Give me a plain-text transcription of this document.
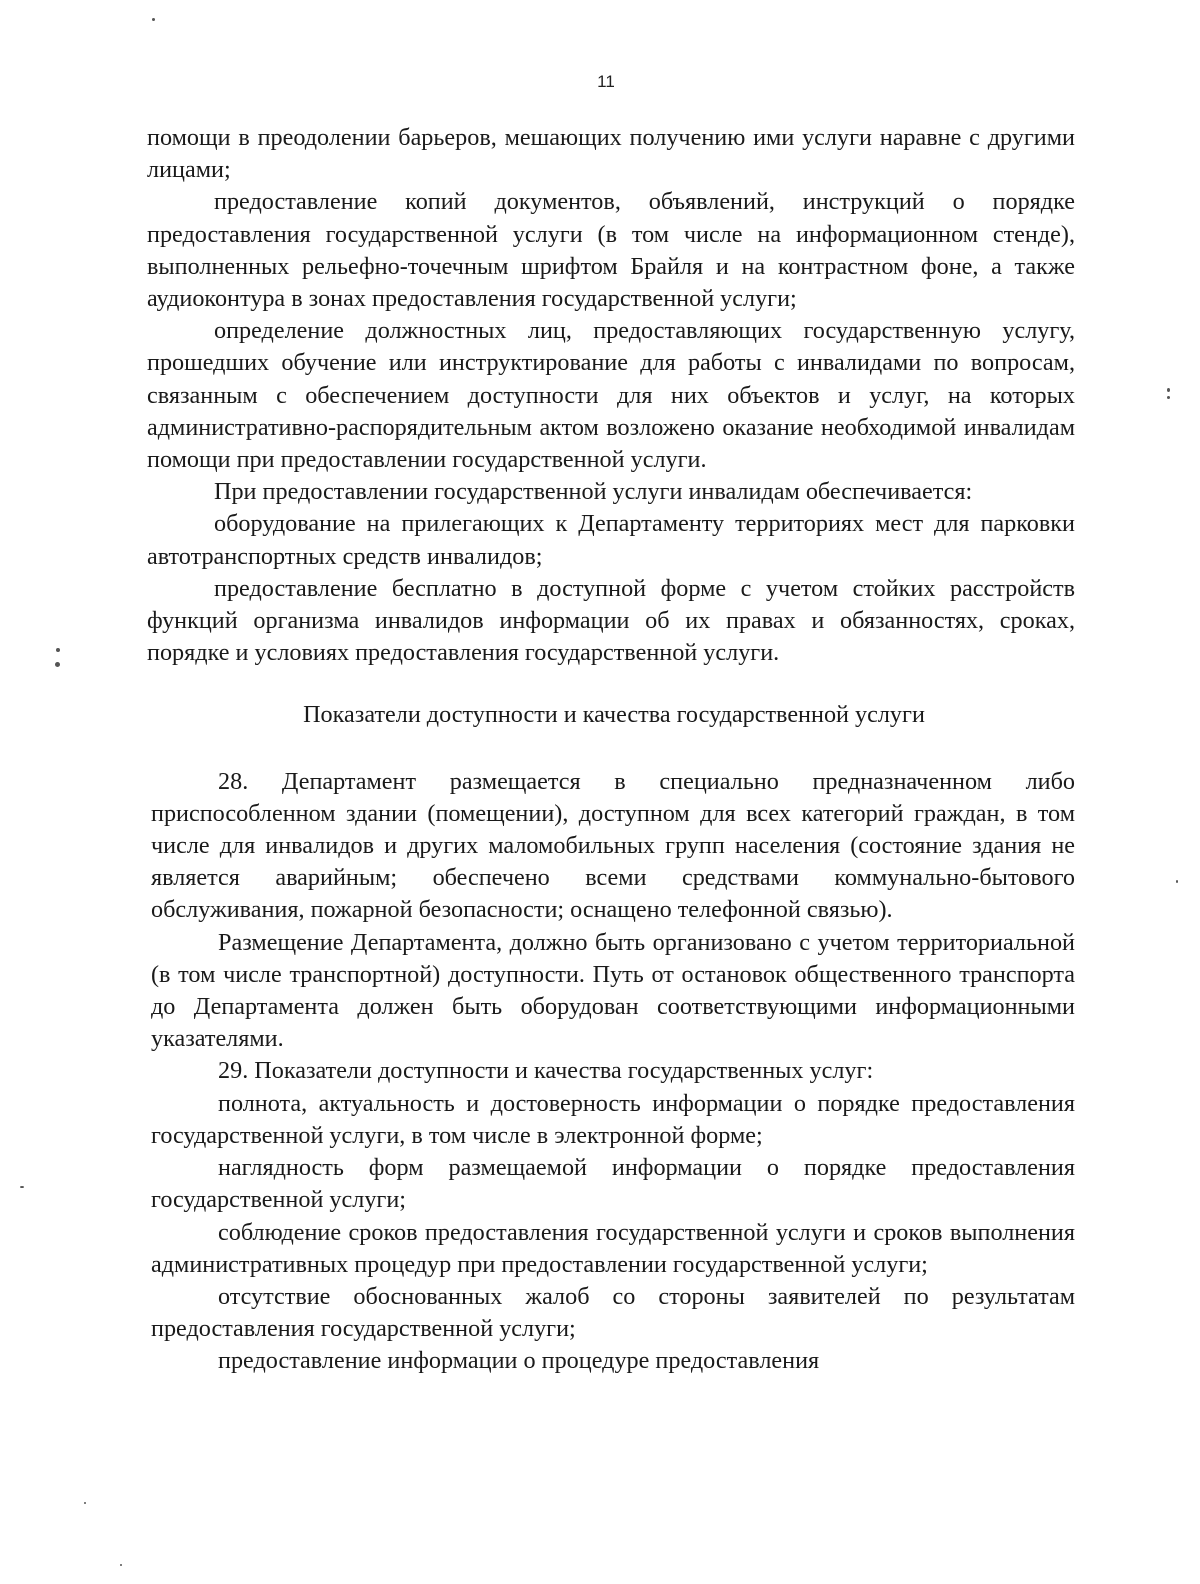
11

помощи в преодолении барьеров, мешающих получению ими услуги наравне с другими лицами;

предоставление копий документов, объявлений, инструкций о порядке предоставления государственной услуги (в том числе на информационном стенде), выполненных рельефно-точечным шрифтом Брайля и на контрастном фоне, а также аудиоконтура в зонах предоставления государственной услуги;

определение должностных лиц, предоставляющих государственную услугу, прошедших обучение или инструктирование для работы с инвалидами по вопросам, связанным с обеспечением доступности для них объектов и услуг, на которых административно-распорядительным актом возложено оказание необходимой инвалидам помощи при предоставлении государственной услуги.

При предоставлении государственной услуги инвалидам обеспечивается:

оборудование на прилегающих к Департаменту территориях мест для парковки автотранспортных средств инвалидов;

предоставление бесплатно в доступной форме с учетом стойких расстройств функций организма инвалидов информации об их правах и обязанностях, сроках, порядке и условиях предоставления государственной услуги.

Показатели доступности и качества государственной услуги

28. Департамент размещается в специально предназначенном либо приспособленном здании (помещении), доступном для всех категорий граждан, в том числе для инвалидов и других маломобильных групп населения (состояние здания не является аварийным; обеспечено всеми средствами коммунально-бытового обслуживания, пожарной безопасности; оснащено телефонной связью).

Размещение Департамента, должно быть организовано с учетом территориальной (в том числе транспортной) доступности. Путь от остановок общественного транспорта до Департамента должен быть оборудован соответствующими информационными указателями.

29. Показатели доступности и качества государственных услуг:

полнота, актуальность и достоверность информации о порядке предоставления государственной услуги, в том числе в электронной форме;

наглядность форм размещаемой информации о порядке предоставления государственной услуги;

соблюдение сроков предоставления государственной услуги и сроков выполнения административных процедур при предоставлении государственной услуги;

отсутствие обоснованных жалоб со стороны заявителей по результатам предоставления государственной услуги;

предоставление информации о процедуре предоставления
